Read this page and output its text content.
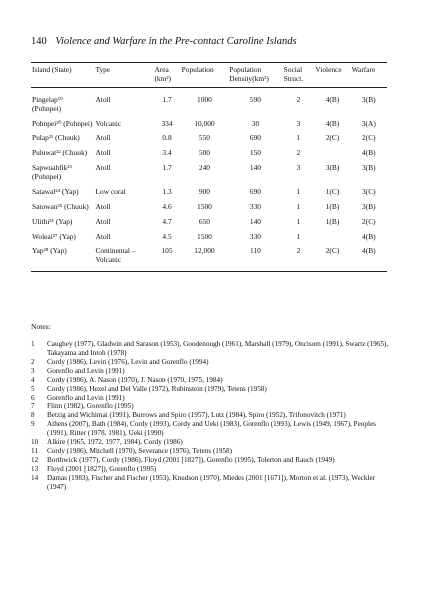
140 Violence and Warfare in the Pre-contact Caroline Islands
Island (State)	Type	Area (km²)	Population	Population Density(km²)	Social Struct.	Violence	Warfare
Pingelap¹⁹ (Pohnpei)	Atoll	1.7	1000	590	2	4(B)	3(B)
Pohnpei²⁰ (Pohnpei)	Volcanic	334	10,000	30	3	4(B)	3(A)
Pulap²¹ (Chuuk)	Atoll	0.8	550	690	1	2(C)	2(C)
Puluwat²² (Chuuk)	Atoll	3.4	500	150	2		4(B)
Sapwuahfik²³ (Pohnpei)	Atoll	1.7	240	140	3	3(B)	3(B)
Satawal²⁴ (Yap)	Low coral	1.3	900	690	1	1(C)	3(C)
Satowan²⁵ (Chuuk)	Atoll	4.6	1500	330	1	1(B)	3(B)
Ulithi²⁶ (Yap)	Atoll	4.7	650	140	1	1(B)	2(C)
Woleai²⁷ (Yap)	Atoll	4.5	1500	330	1		4(B)
Yap²⁸ (Yap)	Continental – Volcanic	105	12,000	110	2	2(C)	4(B)
Notes:
1	Caughey (1977), Gladwin and Sarason (1953), Goodenough (1961), Marshall (1979), Oncisom (1991), Swartz (1965), Takayama and Intoh (1978)
2	Cordy (1986), Levin (1976), Levin and Gorenflo (1994)
3	Gorenflo and Levin (1991)
4	Cordy (1986), A. Nason (1970), J. Nason (1970, 1975, 1984)
5	Cordy (1986), Hezel and Del Valle (1972), Rubinstein (1979), Tetens (1958)
6	Gorenflo and Levin (1991)
7	Flinn (1982), Gorenflo (1995)
8	Betzig and Wichimai (1991), Burrows and Spiro (1957), Lutz (1984), Spiro (1952), Trifonovitch (1971)
9	Athens (2007), Bath (1984), Cordy (1993), Cordy and Ueki (1983), Gorenflo (1993), Lewis (1949, 1967), Peoples (1991), Ritter (1978, 1981), Ueki (1990)
10	Alkire (1965, 1972, 1977, 1984), Cordy (1986)
11	Cordy (1986), Mitchell (1970), Severance (1976), Tetens (1958)
12	Borthwick (1977), Cordy (1986), Floyd (2001 [1827]), Gorenflo (1995), Tolerton and Rauch (1949)
13	Floyd (2001 [1827]), Gorenflo (1995)
14	Damas (1983), Fischer and Fischer (1953), Knudson (1970), Miedes (2001 [1671]), Morton et al. (1973), Weckler (1947)
